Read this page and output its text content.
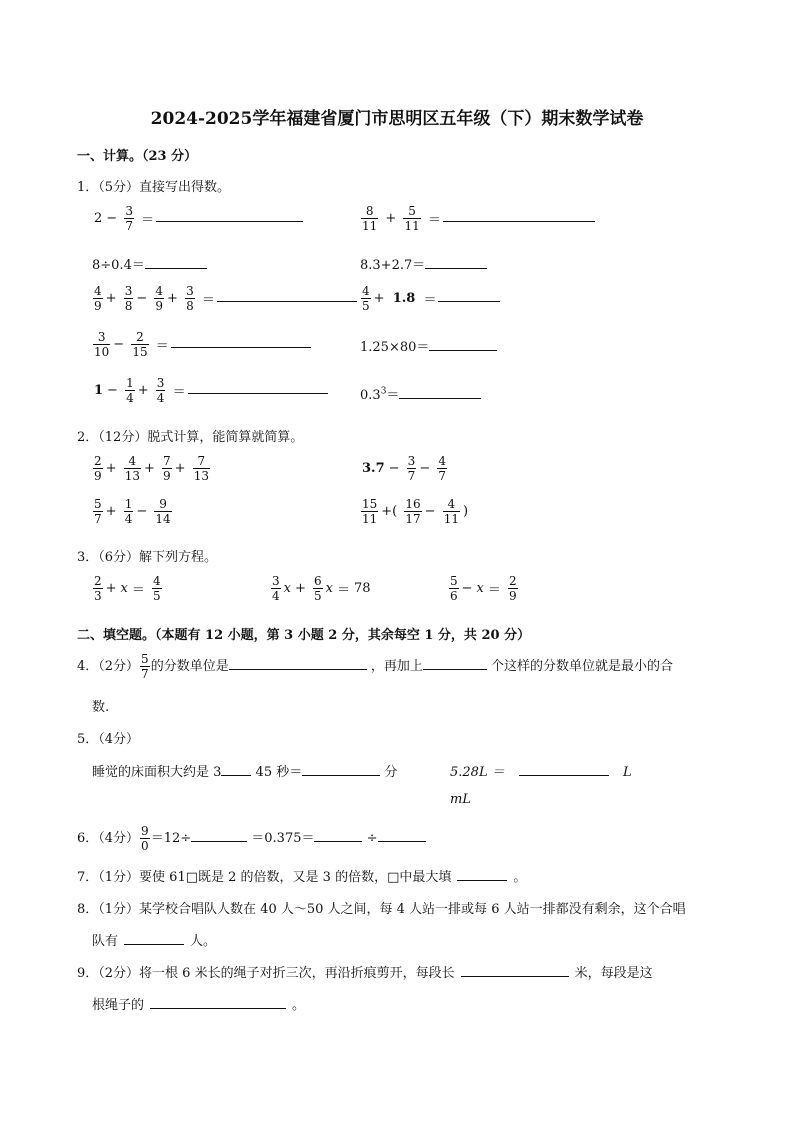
2024-2025学年福建省厦门市思明区五年级（下）期末数学试卷
一、计算。（23 分）
1．（5分）直接写出得数。
$2 - \frac{3}{7}$ ＝	$\frac{8}{11} + \frac{5}{11}$ ＝
8÷0.4＝	8.3+2.7＝
$\frac{4}{9} + \frac{3}{8} - \frac{4}{9} + \frac{3}{8}$ ＝	$\frac{4}{5} + 1.8$ ＝
$\frac{3}{10} - \frac{2}{15}$ ＝	1.25×80＝
$1 - \frac{1}{4} + \frac{3}{4}$ ＝	$0.3^3=$
2．（12分）脱式计算，能简算就简算。
$\frac{2}{9} + \frac{4}{13} + \frac{7}{9} + \frac{7}{13}$	$3.7 - \frac{3}{7} - \frac{4}{7}$
$\frac{5}{7} + \frac{1}{4} - \frac{9}{14}$	$\frac{15}{11}$ +( $\frac{16}{17} - \frac{4}{11}$ )
3．（6分）解下列方程。
$\frac{2}{3} + x = \frac{4}{5}$	$\frac{3}{4}$ $x + \frac{6}{5}$ x ＝ 78	$\frac{5}{6} - x = \frac{2}{9}$
二、填空题。（本题有 12 小题，第 3 小题 2 分，其余每空 1 分，共 20 分）
4．（2分） $\frac{5}{7}$ 的分数单位是	，再加上	个这样的分数单位就是最小的合
数.
5．（4分）
睡觉的床面积大约是 3	45 秒＝	分	5.28L ＝	L
mL
6．（4分） $\frac{9}{0} =12\div$	＝0.375＝	÷
7．（1分）要使 61□既是 2 的倍数，又是 3 的倍数，□中最大填	。
8．（1分）某学校合唱队人数在 40 人～50 人之间，每 4 人站一排或每 6 人站一排都没有剩余，这个合唱
队有	人。
9．（2分）将一根 6 米长的绳子对折三次，再沿折痕剪开，每段长	米，每段是这
根绳子的	。
